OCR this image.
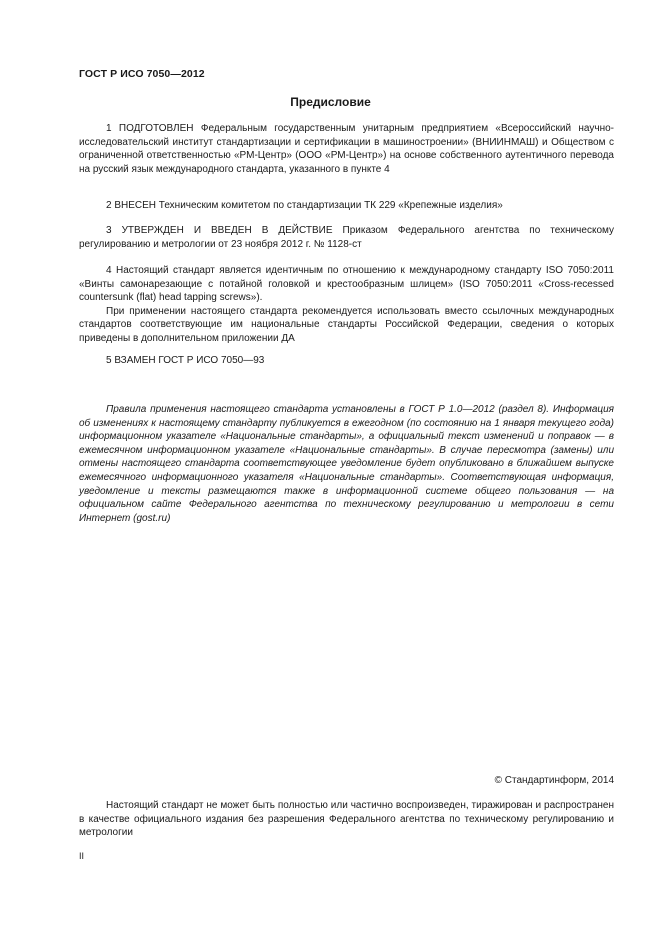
ГОСТ Р ИСО 7050—2012
Предисловие

1 ПОДГОТОВЛЕН Федеральным государственным унитарным предприятием «Всероссийский научно-исследовательский институт стандартизации и сертификации в машиностроении» (ВНИИНМАШ) и Обществом с ограниченной ответственностью «РМ-Центр» (ООО «РМ-Центр») на основе собственного аутентичного перевода на русский язык международного стандарта, указанного в пункте 4

2 ВНЕСЕН Техническим комитетом по стандартизации ТК 229 «Крепежные изделия»

3 УТВЕРЖДЕН И ВВЕДЕН В ДЕЙСТВИЕ Приказом Федерального агентства по техническому регулированию и метрологии от 23 ноября 2012 г. № 1128-ст

4 Настоящий стандарт является идентичным по отношению к международному стандарту ISO 7050:2011 «Винты самонарезающие с потайной головкой и крестообразным шлицем» (ISO 7050:2011 «Cross-recessed countersunk (flat) head tapping screws»).

При применении настоящего стандарта рекомендуется использовать вместо ссылочных международных стандартов соответствующие им национальные стандарты Российской Федерации, сведения о которых приведены в дополнительном приложении ДА

5 ВЗАМЕН ГОСТ Р ИСО 7050—93

Правила применения настоящего стандарта установлены в ГОСТ Р 1.0—2012 (раздел 8). Информация об изменениях к настоящему стандарту публикуется в ежегодном (по состоянию на 1 января текущего года) информационном указателе «Национальные стандарты», а официальный текст изменений и поправок — в ежемесячном информационном указателе «Национальные стандарты». В случае пересмотра (замены) или отмены настоящего стандарта соответствующее уведомление будет опубликовано в ближайшем выпуске ежемесячного информационного указателя «Национальные стандарты». Соответствующая информация, уведомление и тексты размещаются также в информационной системе общего пользования — на официальном сайте Федерального агентства по техническому регулированию и метрологии в сети Интернет (gost.ru)

© Стандартинформ, 2014

Настоящий стандарт не может быть полностью или частично воспроизведен, тиражирован и распространен в качестве официального издания без разрешения Федерального агентства по техническому регулированию и метрологии

II
